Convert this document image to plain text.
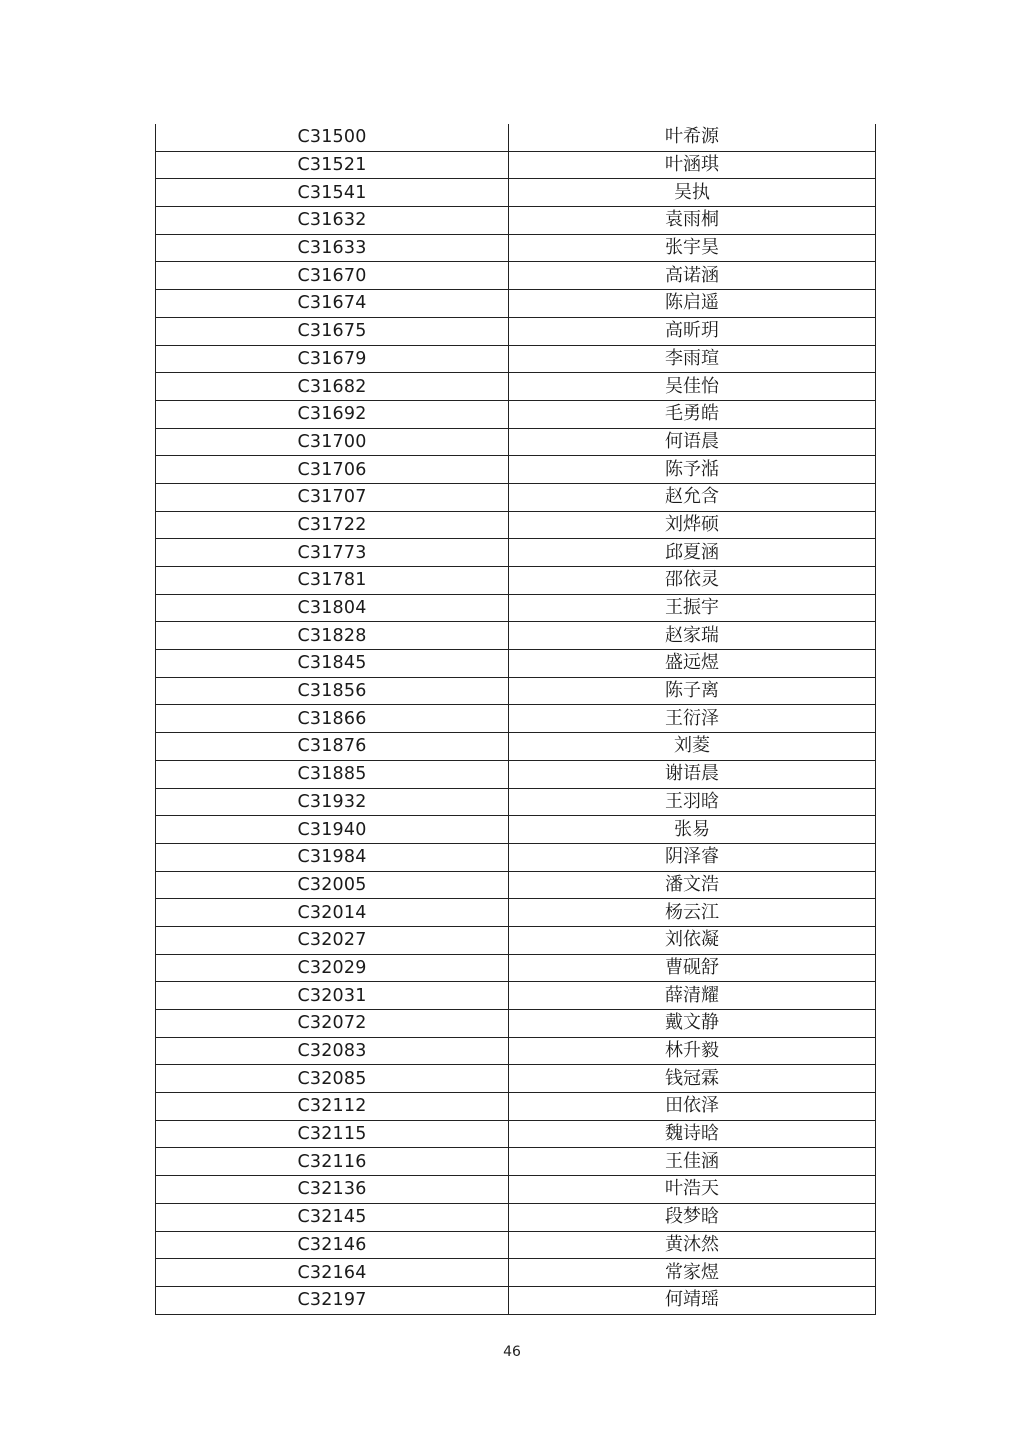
C31500	叶希源
C31521	叶涵琪
C31541	吴执
C31632	袁雨桐
C31633	张宇昊
C31670	高诺涵
C31674	陈启遥
C31675	高昕玥
C31679	李雨瑄
C31682	吴佳怡
C31692	毛勇皓
C31700	何语晨
C31706	陈予湉
C31707	赵允含
C31722	刘烨硕
C31773	邱夏涵
C31781	邵依灵
C31804	王振宇
C31828	赵家瑞
C31845	盛远煜
C31856	陈子离
C31866	王衍泽
C31876	刘菱
C31885	谢语晨
C31932	王羽晗
C31940	张易
C31984	阴泽睿
C32005	潘文浩
C32014	杨云江
C32027	刘依凝
C32029	曹砚舒
C32031	薛清耀
C32072	戴文静
C32083	林升毅
C32085	钱冠霖
C32112	田依泽
C32115	魏诗晗
C32116	王佳涵
C32136	叶浩天
C32145	段梦晗
C32146	黄沐然
C32164	常家煜
C32197	何靖瑶
46
